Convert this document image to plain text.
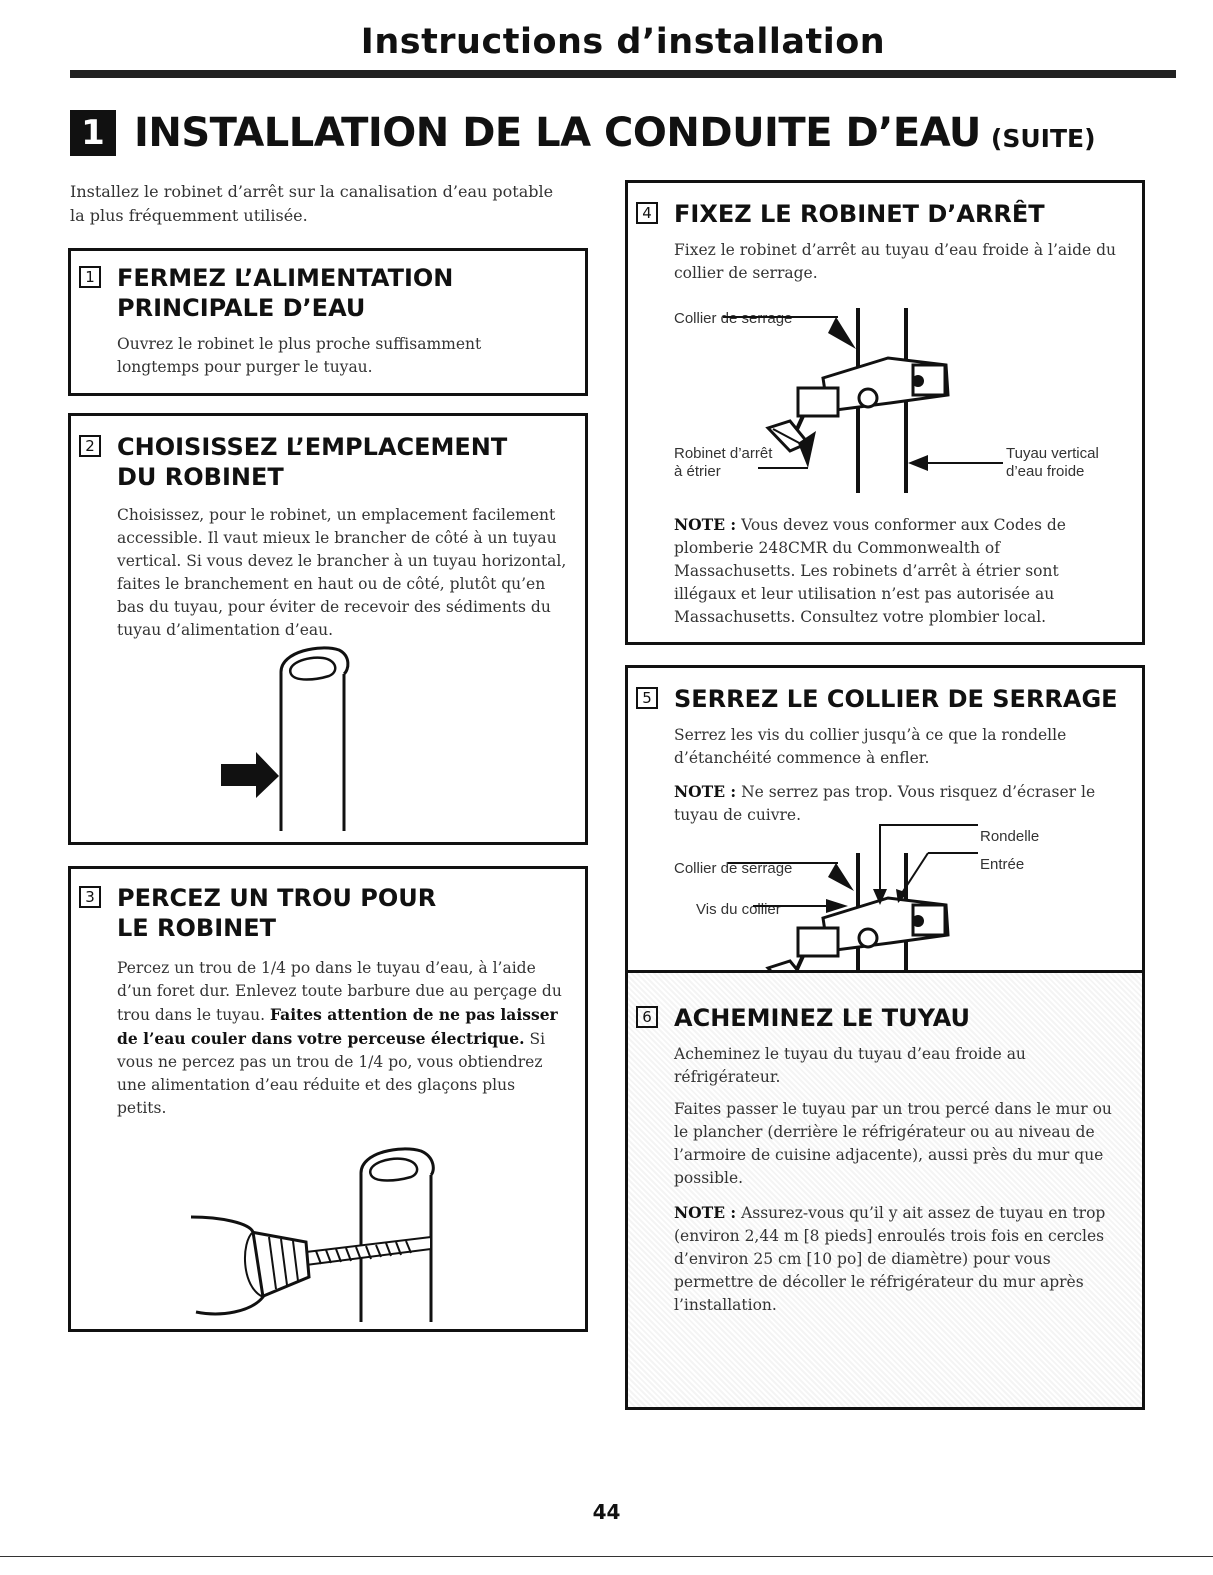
Instructions d’installation
1 INSTALLATION DE LA CONDUITE D’EAU (SUITE)
Installez le robinet d’arrêt sur la canalisation d’eau potable la plus fréquemment utilisée.
1 FERMEZ L’ALIMENTATION
PRINCIPALE D’EAU
Ouvrez le robinet le plus proche suffisamment longtemps pour purger le tuyau.
2 CHOISISSEZ L’EMPLACEMENT
DU ROBINET
Choisissez, pour le robinet, un emplacement facilement accessible. Il vaut mieux le brancher de côté à un tuyau vertical. Si vous devez le brancher à un tuyau horizontal, faites le branchement en haut ou de côté, plutôt qu’en bas du tuyau, pour éviter de recevoir des sédiments du tuyau d’alimentation d’eau.
3 PERCEZ UN TROU POUR
LE ROBINET
Percez un trou de 1/4 po dans le tuyau d’eau, à l’aide d’un foret dur. Enlevez toute barbure due au perçage du trou dans le tuyau. Faites attention de ne pas laisser de l’eau couler dans votre perceuse électrique. Si vous ne percez pas un trou de 1/4 po, vous obtiendrez une alimentation d’eau réduite et des glaçons plus petits.
4 FIXEZ LE ROBINET D’ARRÊT
Fixez le robinet d’arrêt au tuyau d’eau froide à l’aide du collier de serrage.
Collier de serrage
Robinet d’arrêt
à étrier
Tuyau vertical
d’eau froide
NOTE : Vous devez vous conformer aux Codes de plomberie 248CMR du Commonwealth of Massachusetts. Les robinets d’arrêt à étrier sont illégaux et leur utilisation n’est pas autorisée au Massachusetts. Consultez votre plombier local.
5 SERREZ LE COLLIER DE SERRAGE
Serrez les vis du collier jusqu’à ce que la rondelle d’étanchéité commence à enfler.
NOTE : Ne serrez pas trop. Vous risquez d’écraser le tuyau de cuivre.
Rondelle
Entrée
Collier de serrage
Vis du collier
6 ACHEMINEZ LE TUYAU
Acheminez le tuyau du tuyau d’eau froide au réfrigérateur.
Faites passer le tuyau par un trou percé dans le mur ou le plancher (derrière le réfrigérateur ou au niveau de l’armoire de cuisine adjacente), aussi près du mur que possible.
NOTE : Assurez-vous qu’il y ait assez de tuyau en trop (environ 2,44 m [8 pieds] enroulés trois fois en cercles d’environ 25 cm [10 po] de diamètre) pour vous permettre de décoller le réfrigérateur du mur après l’installation.
44
